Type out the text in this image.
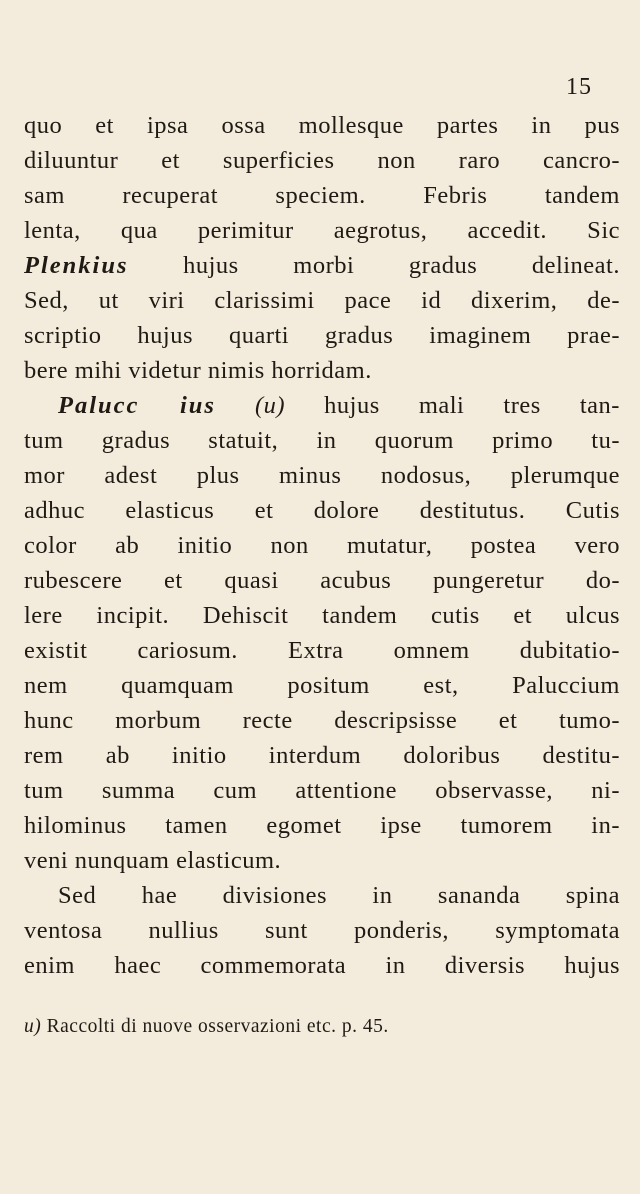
15
quo et ipsa ossa mollesque partes in pus
diluuntur et superficies non raro cancro-
sam recuperat speciem. Febris tandem
lenta, qua perimitur aegrotus, accedit. Sic
Plenkius hujus morbi gradus delineat.
Sed, ut viri clarissimi pace id dixerim, de-
scriptio hujus quarti gradus imaginem prae-
bere mihi videtur nimis horridam.
Palucc ius (u) hujus mali tres tan-
tum gradus statuit, in quorum primo tu-
mor adest plus minus nodosus, plerumque
adhuc elasticus et dolore destitutus. Cutis
color ab initio non mutatur, postea vero
rubescere et quasi acubus pungeretur do-
lere incipit. Dehiscit tandem cutis et ulcus
existit cariosum. Extra omnem dubitatio-
nem quamquam positum est, Paluccium
hunc morbum recte descripsisse et tumo-
rem ab initio interdum doloribus destitu-
tum summa cum attentione observasse, ni-
hilominus tamen egomet ipse tumorem in-
veni nunquam elasticum.
Sed hae divisiones in sananda spina
ventosa nullius sunt ponderis, symptomata
enim haec commemorata in diversis hujus
u) Raccolti di nuove osservazioni etc. p. 45.
